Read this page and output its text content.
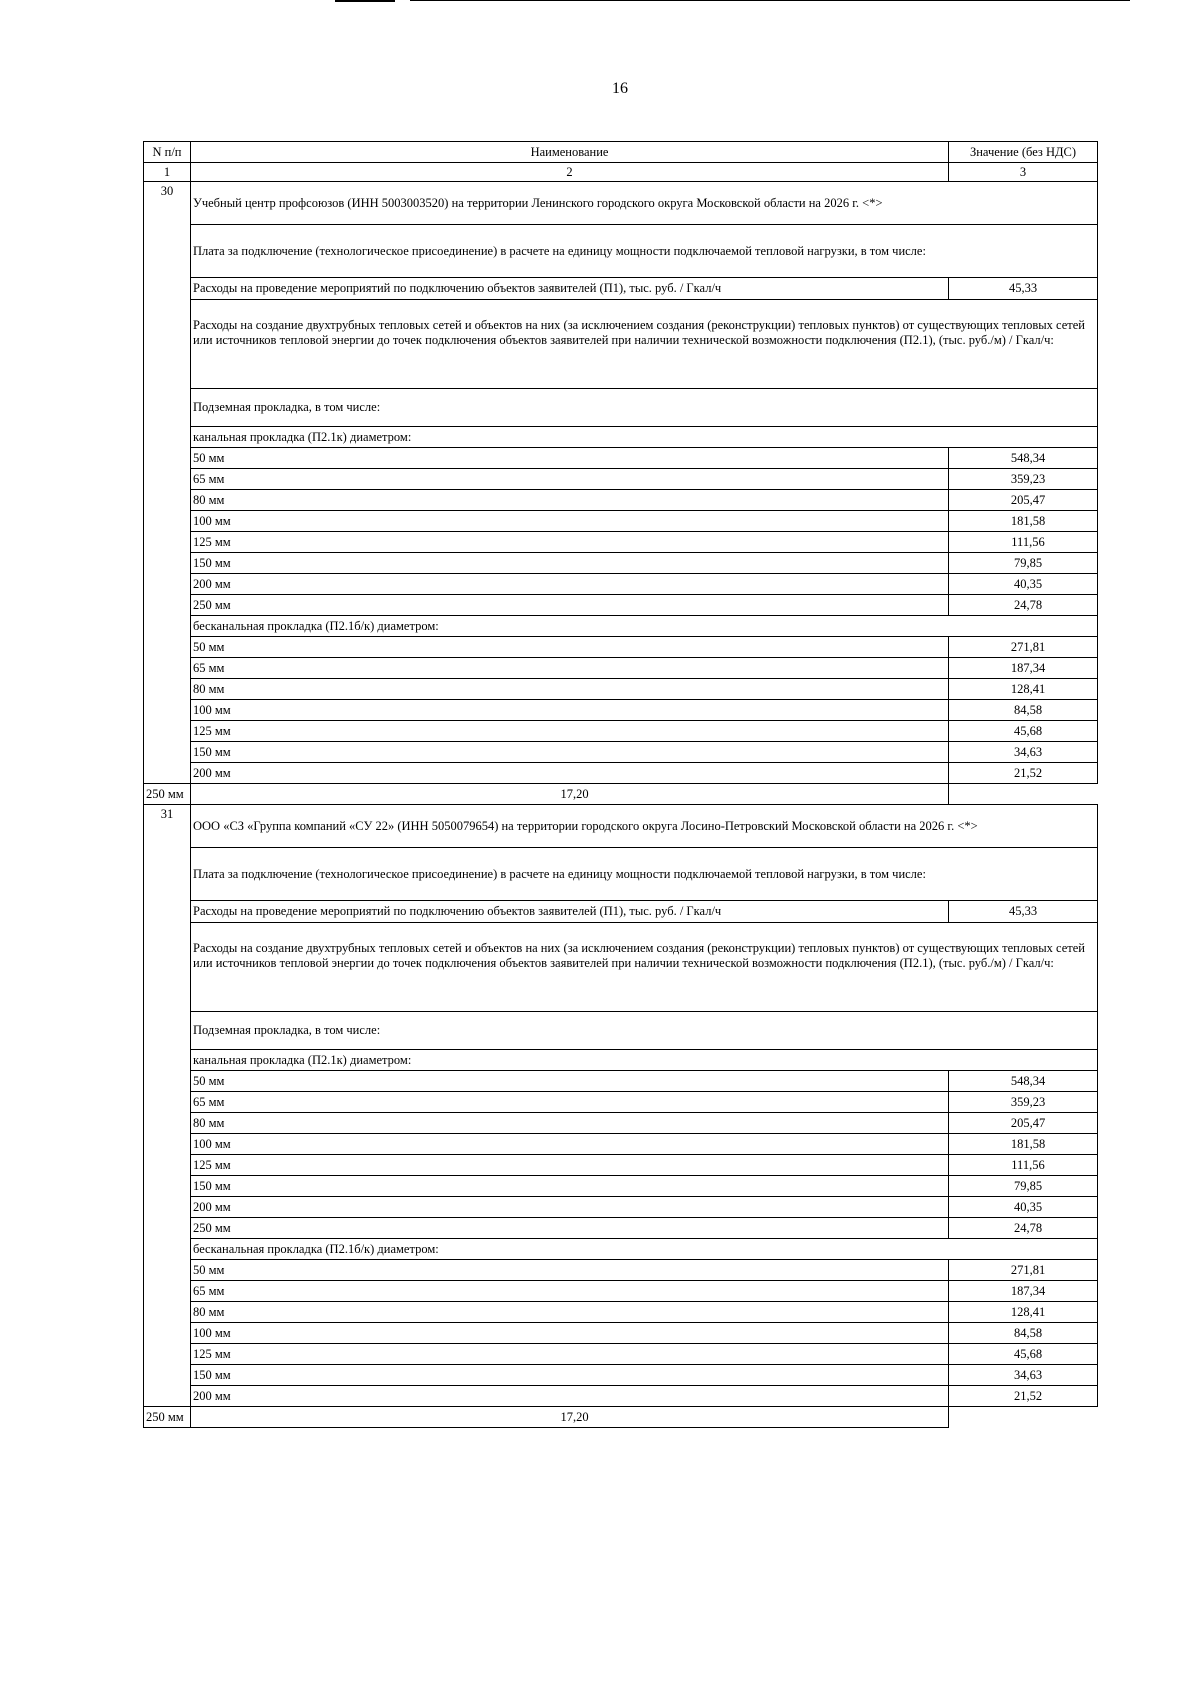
16
N п/п	Наименование	Значение (без НДС)
1	2	3
30	Учебный центр профсоюзов (ИНН 5003003520) на территории Ленинского городского округа Московской области на 2026 г. <*>	
	Плата за подключение (технологическое присоединение) в расчете на единицу мощности подключаемой тепловой нагрузки, в том числе:	
	Расходы на проведение мероприятий по подключению объектов заявителей (П1), тыс. руб. / Гкал/ч	45,33

	Расходы на создание двухтрубных тепловых сетей и объектов на них (за исключением создания (реконструкции) тепловых пунктов) от существующих тепловых сетей или источников тепловой энергии до точек подключения объектов заявителей при наличии технической возможности подключения (П2.1), (тыс. руб./м) / Гкал/ч:	

	Подземная прокладка, в том числе:	
	канальная прокладка (П2.1к) диаметром:	
	50 мм	548,34
	65 мм	359,23
	80 мм	205,47
	100 мм	181,58
	125 мм	111,56
	150 мм	79,85
	200 мм	40,35
	250 мм	24,78
	бесканальная прокладка (П2.1б/к) диаметром:	
	50 мм	271,81
	65 мм	187,34
	80 мм	128,41
	100 мм	84,58
	125 мм	45,68
	150 мм	34,63
	200 мм	21,52
250 мм	17,20	
31	ООО «СЗ «Группа компаний «СУ 22» (ИНН 5050079654) на территории городского округа Лосино-Петровский Московской области на 2026 г. <*>	
	Плата за подключение (технологическое присоединение) в расчете на единицу мощности подключаемой тепловой нагрузки, в том числе:	
	Расходы на проведение мероприятий по подключению объектов заявителей (П1), тыс. руб. / Гкал/ч	45,33

	Расходы на создание двухтрубных тепловых сетей и объектов на них (за исключением создания (реконструкции) тепловых пунктов) от существующих тепловых сетей или источников тепловой энергии до точек подключения объектов заявителей при наличии технической возможности подключения (П2.1), (тыс. руб./м) / Гкал/ч:	

	Подземная прокладка, в том числе:	
	канальная прокладка (П2.1к) диаметром:	
	50 мм	548,34
	65 мм	359,23
	80 мм	205,47
	100 мм	181,58
	125 мм	111,56
	150 мм	79,85
	200 мм	40,35
	250 мм	24,78
	бесканальная прокладка (П2.1б/к) диаметром:	
	50 мм	271,81
	65 мм	187,34
	80 мм	128,41
	100 мм	84,58
	125 мм	45,68
	150 мм	34,63
	200 мм	21,52
250 мм	17,20	
